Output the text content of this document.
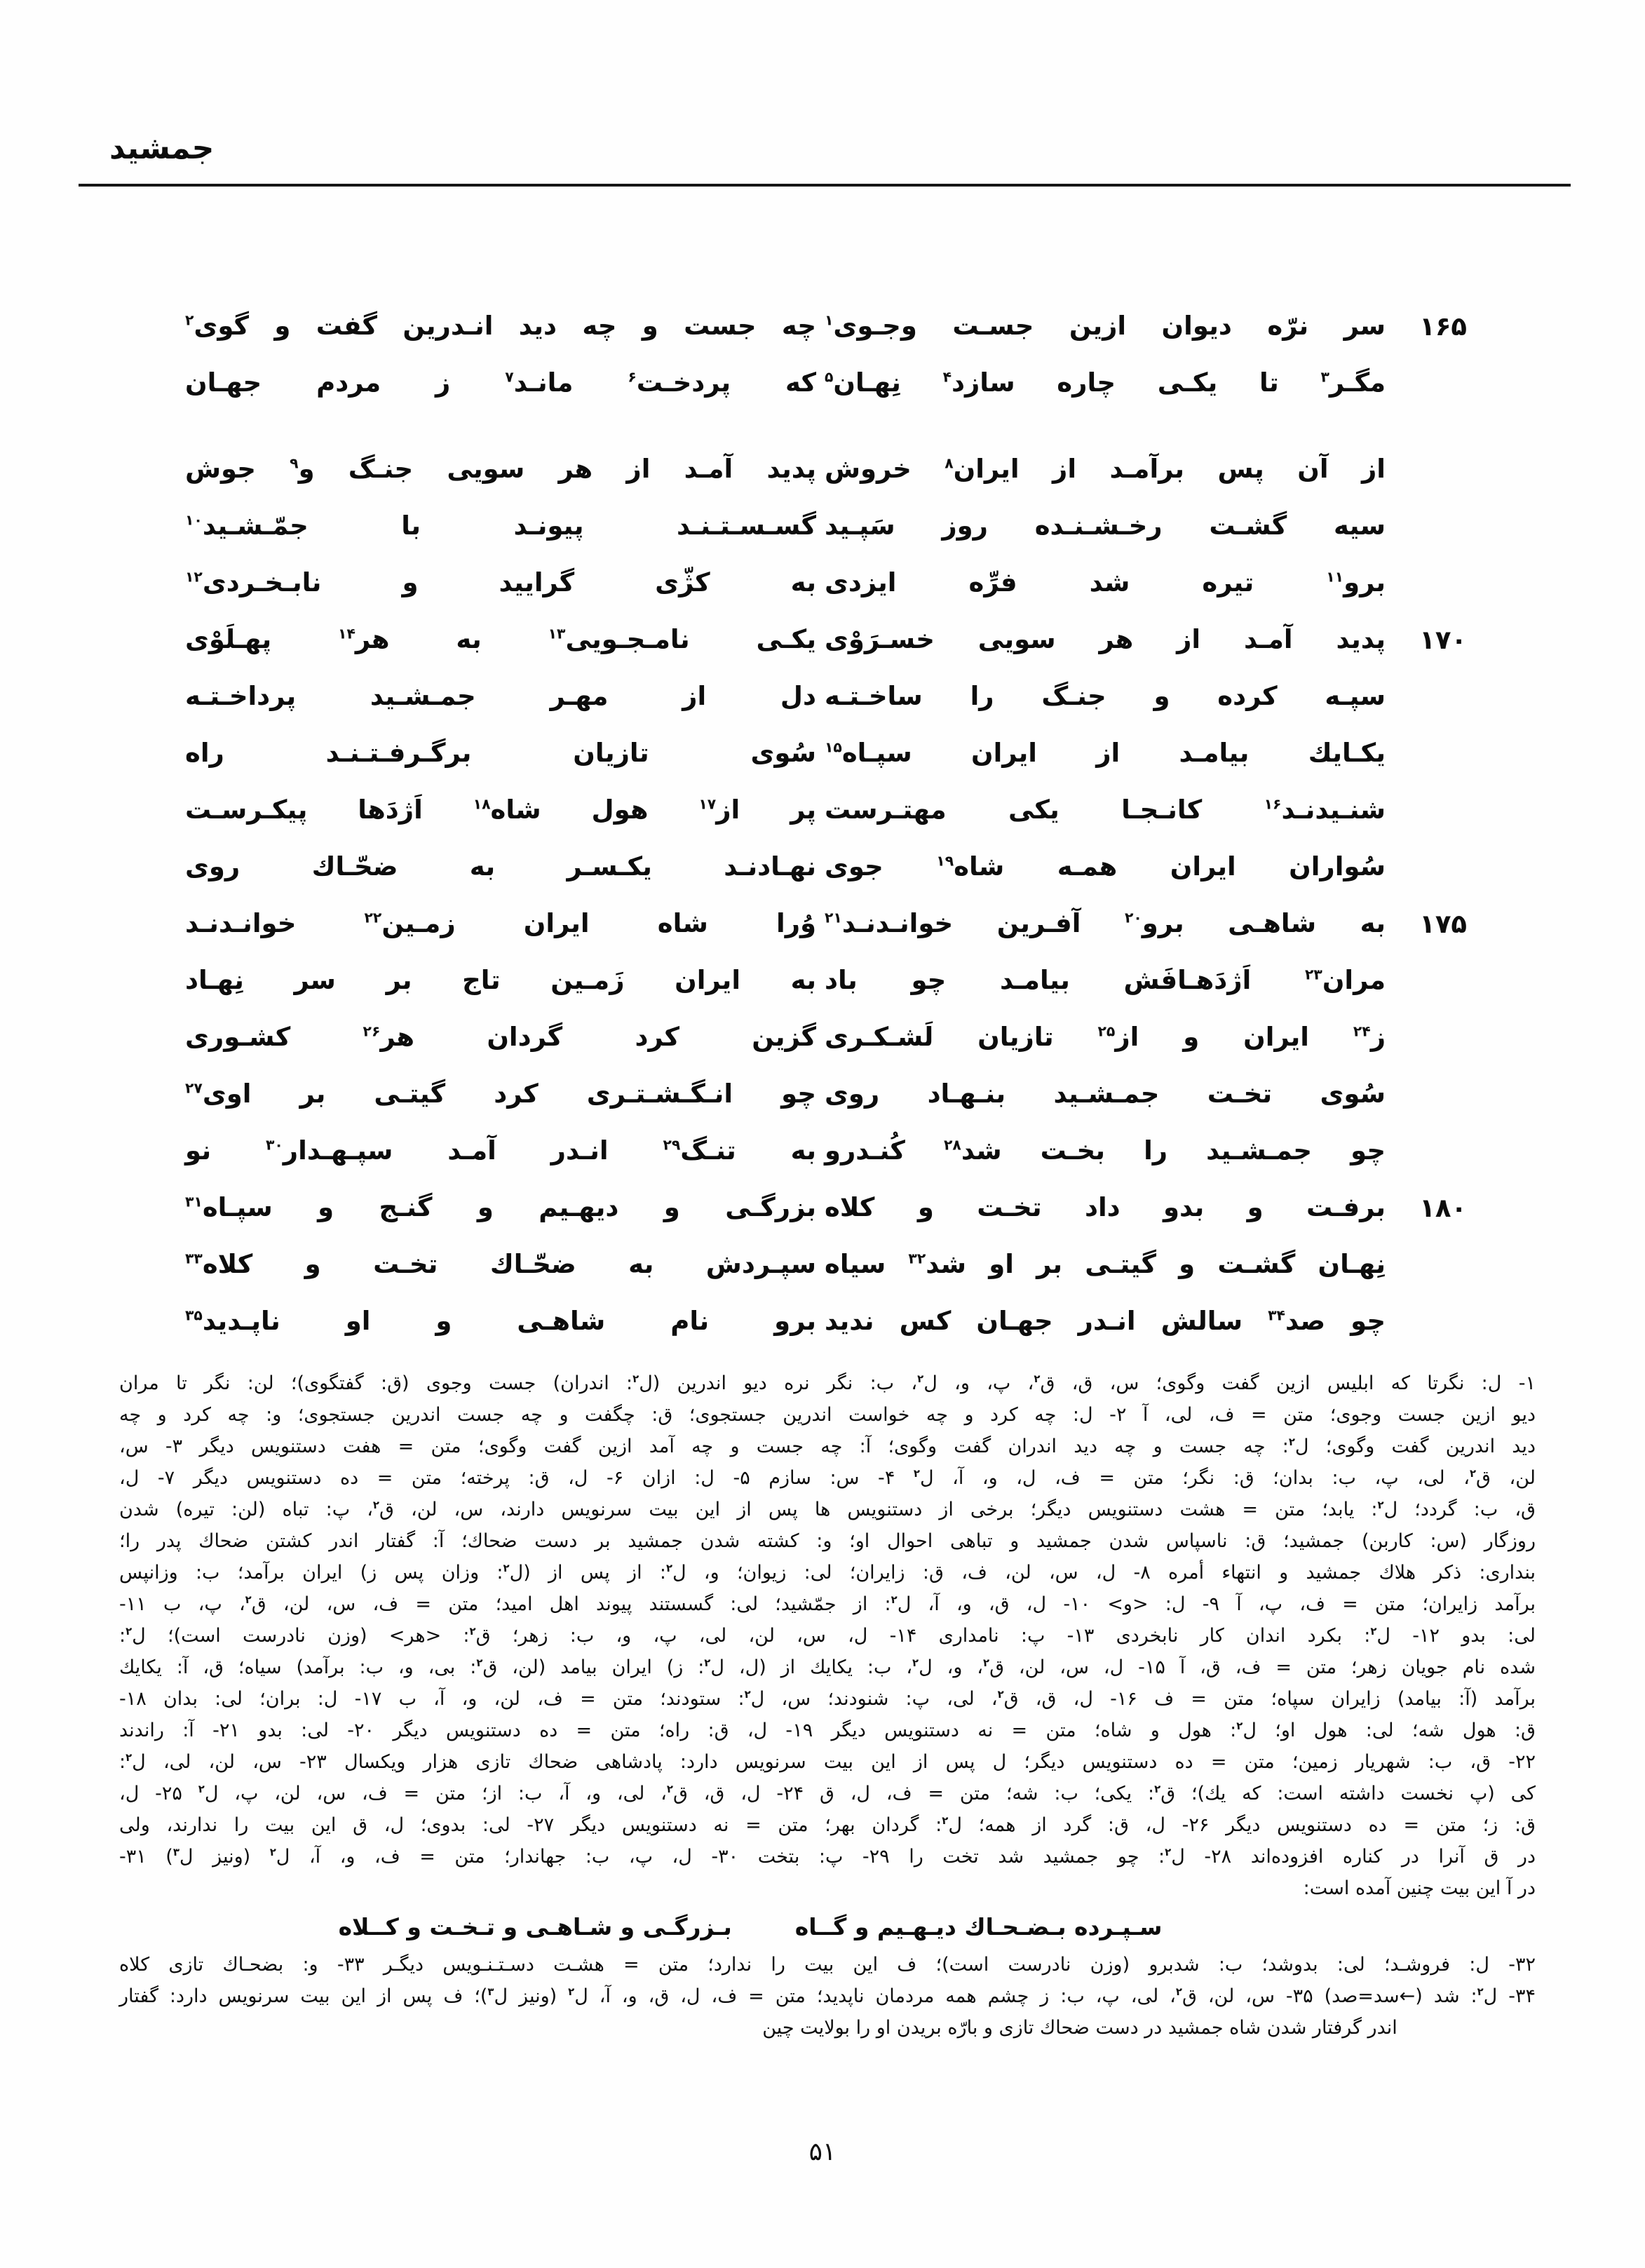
جمشید
۱۶۵
سر نرّه دیوان ازین جسـت وجـوی$^۱$
چه جست و چه دید انـدرین گفت و گوی$^۲$
مگـر$^۳$ تا یکـی چاره سازد$^۴$ نِهـان$^۵$
که پردخـت$^۶$ مانـد$^۷$ ز مردم جهـان
از آن پس برآمـد از ایران$^۸$ خروش
پدید آمـد از هر سویی جنـگ و$^۹$ جوش
سیه گشـت رخـشـنـده روز سَپـید
گسـسـتـنـد پیونـد با جمّـشـید$^{۱۰}$
برو$^{۱۱}$ تیره شد فرِّه ایزدی
به کژّی گرایید و نابـخـردی$^{۱۲}$
۱۷۰
پدید آمـد از هر سویی خسـرَوْی
یکـی نامـجـویی$^{۱۳}$ به هر$^{۱۴}$ پهـلَوْی
سپـه کرده و جنـگ را ساخـتـه
دل از مهـر جمـشـید پرداخـتـه
یکـایك بیامـد از ایران سپـاه$^{۱۵}$
سُوی تازیان برگـرفـتـنـد راه
شنـیدنـد$^{۱۶}$ کانـجـا یکی مهتـرست
پر از$^{۱۷}$ هول شاه$^{۱۸}$ اَژدَها پیکـرسـت
سُواران ایران همـه شاه$^{۱۹}$ جوی
نهـادنـد یکـسـر به ضحّـاك روی
۱۷۵
به شاهـی برو$^{۲۰}$ آفـرین خوانـدنـد$^{۲۱}$
وُرا شاه ایران زمـین$^{۲۲}$ خوانـدنـد
مران$^{۲۳}$ اَژدَهـافَش بیامـد چو باد
به ایران زَمـین تاج بر سر نِهـاد
ز$^{۲۴}$ ایران و از$^{۲۵}$ تازیان لَشـکـری
گزین کرد گردان هر$^{۲۶}$ کشـوری
سُوی تخـت جمـشـید بنـهـاد روی
چو انـگـشـتـری کرد گیتـی بر اوی$^{۲۷}$
چو جمـشـید را بخـت شد$^{۲۸}$ کُنـدرو
به تنـگ$^{۲۹}$ انـدر آمـد سپـهـدار$^{۳۰}$ نو
۱۸۰
برفـت و بدو داد تخـت و کلاه
بزرگـی و دیهـیم و گنـج و سپـاه$^{۳۱}$
نِهـان گشـت و گیتـی بر او شد$^{۳۲}$ سیاه
سپـردش به ضحّـاك تخـت و کلاه$^{۳۳}$
چو صد$^{۳۴}$ سالش انـدر جهـان کس ندید
برو نام شاهـی و او ناپـدید$^{۳۵}$
۱- ل: نگرتا که ابلیس ازین گفت وگوی؛ س، ق، ق$^۲$، پ، و، ل$^۲$، ب: نگر نره دیو اندرین (ل$^۲$: اندران) جست وجوی (ق: گفتگوی)؛ لن: نگر تا مران
دیو ازین جست وجوی؛ متن = ف، لی، آ ۲- ل: چه کرد و چه خواست اندرین جستجوی؛ ق: چگفت و چه جست اندرین جستجوی؛ و: چه کرد و چه
دید اندرین گفت وگوی؛ ل$^۲$: چه جست و چه دید اندران گفت وگوی؛ آ: چه جست و چه آمد ازین گفت وگوی؛ متن = هفت دستنویس دیگر ۳- س،
لن، ق$^۲$، لی، پ، ب: بدان؛ ق: نگر؛ متن = ف، ل، و، آ، ل$^۲$ ۴- س: سازم ۵- ل: ازان ۶- ل، ق: پرخته؛ متن = ده دستنویس دیگر ۷- ل،
ق، ب: گردد؛ ل$^۲$: یابد؛ متن = هشت دستنویس دیگر؛ برخی از دستنویس ها پس از این بیت سرنویس دارند، س، لن، ق$^۲$، پ: تباه (لن: تیره) شدن
روزگار (س: کاربن) جمشید؛ ق: ناسپاس شدن جمشید و تباهی احوال او؛ و: کشته شدن جمشید بر دست ضحاك؛ آ: گفتار اندر کشتن ضحاك پدر را؛
بنداری: ذکر هلاك جمشید و انتهاء أمره ۸- ل، س، لن، ف، ق: زایران؛ لی: زیوان؛ و، ل$^۲$: از پس از (ل$^۲$: وزان پس ز) ایران برآمد؛ ب: وزانپس
برآمد زایران؛ متن = ف، پ، آ ۹- ل: <و> ۱۰- ل، ق، و، آ، ل$^۲$: از جمّشید؛ لی: گسستند پیوند اهل امید؛ متن = ف، س، لن، ق$^۲$، پ، ب ۱۱-
لی: بدو ۱۲- ل$^۲$: بکرد اندان کار نابخردی ۱۳- پ: نامداری ۱۴- ل، س، لن، لی، پ، و، ب: زهر؛ ق$^۲$: <هر> (وزن نادرست است)؛ ل$^۲$:
شده نام جویان زهر؛ متن = ف، ق، آ ۱۵- ل، س، لن، ق$^۲$، و، ل$^۲$، ب: یکایك از (ل، ل$^۲$: ز) ایران بیامد (لن، ق$^۲$: بی، و، ب: برآمد) سیاه؛ ق، آ: یکایك
برآمد (آ: بیامد) زایران سپاه؛ متن = ف ۱۶- ل، ق، ق$^۲$، لی، پ: شنودند؛ س، ل$^۲$: ستودند؛ متن = ف، لن، و، آ، ب ۱۷- ل: بران؛ لی: بدان ۱۸-
ق: هول شه؛ لی: هول او؛ ل$^۲$: هول و شاه؛ متن = نه دستنویس دیگر ۱۹- ل، ق: راه؛ متن = ده دستنویس دیگر ۲۰- لی: بدو ۲۱- آ: راندند
۲۲- ق، ب: شهریار زمین؛ متن = ده دستنویس دیگر؛ ل پس از این بیت سرنویس دارد: پادشاهی ضحاك تازی هزار ویكسال ۲۳- س، لن، لی، ل$^۲$:
کی (پ نخست داشته است: که یك)؛ ق$^۲$: یکی؛ ب: شه؛ متن = ف، ل، ق ۲۴- ل، ق، ق$^۲$، لی، و، آ، ب: از؛ متن = ف، س، لن، پ، ل$^۲$ ۲۵- ل،
ق: ز؛ متن = ده دستنویس دیگر ۲۶- ل، ق: گرد از همه؛ ل$^۲$: گردان بهر؛ متن = نه دستنویس دیگر ۲۷- لی: بدوی؛ ل، ق این بیت را ندارند، ولی
در ق آنرا در کناره افزوده‌اند ۲۸- ل$^۲$: چو جمشید شد تخت را ۲۹- پ: بتخت ۳۰- ل، پ، ب: جهاندار؛ متن = ف، و، آ، ل$^۲$ (ونیز ل$^۳$) ۳۱-
در آ این بیت چنین آمده است:
سـپـرده بـضـحـاك دیـهـیم و گــاه
بـزرگـی و شـاهـی و تـخـت و کــلاه
۳۲- ل: فروشـد؛ لی: بدوشد؛ ب: شدبرو (وزن نادرست است)؛ ف این بیت را ندارد؛ متن = هشـت دسـتـنـویس دیگـر ۳۳- و: بضحـاك تازی کلاه
۳۴- ل$^۲$: شد (←سد=صد) ۳۵- س، لن، ق$^۲$، لی، پ، ب: ز چشم همه مردمان ناپدید؛ متن = ف، ل، ق، و، آ، ل$^۲$ (ونیز ل$^۳$)؛ ف پس از این بیت سرنویس دارد: گفتار
اندر گرفتار شدن شاه جمشید در دست ضحاك تازی و بارّه بریدن او را بولایت چین
۵۱
